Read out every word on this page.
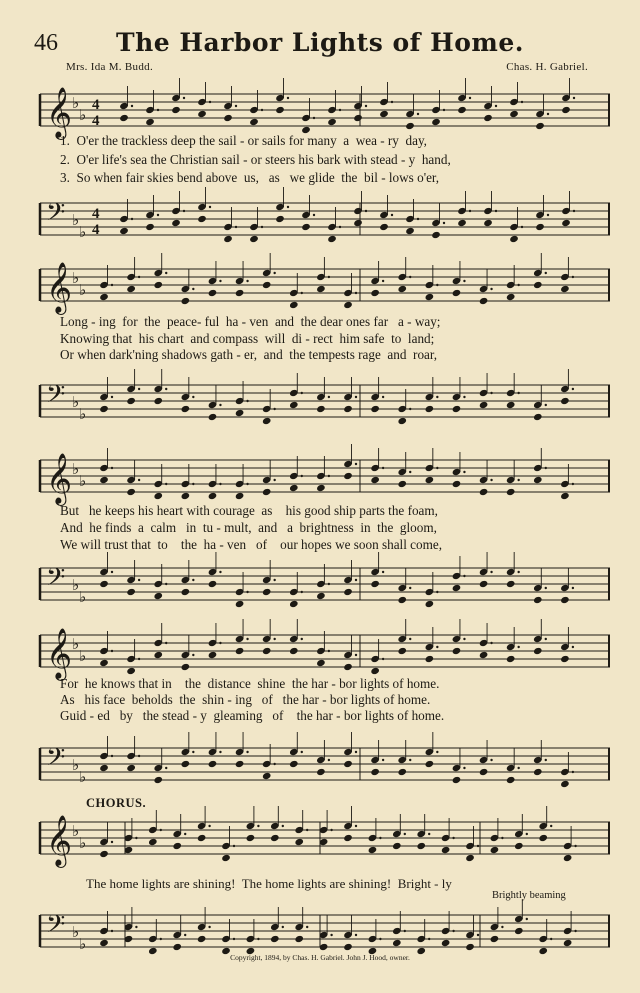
46	The Harbor Lights of Home.
Mrs. Ida M. Budd.	Chas. H. Gabriel.
𝄞 ♭
♭
4
4
1.  O'er the trackless deep the sail - or sails for many  a  wea - ry  day,
2.  O'er life's sea the Christian sail - or steers his bark with stead - y  hand,
3.  So when fair skies bend above  us,   as   we glide  the  bil - lows o'er,
𝄢 ♭
♭
4
4
𝄞 ♭
♭
Long - ing  for  the  peace- ful  ha - ven  and  the dear ones far   a - way;
Knowing that  his chart  and compass  will  di - rect  him safe  to  land;
Or when dark'ning shadows gath - er,  and  the tempests rage  and  roar,
𝄢 ♭
♭
𝄞 ♭
♭
But   he keeps his heart with courage  as    his good ship parts the foam,
And  he finds  a  calm   in  tu - mult,  and   a  brightness  in  the  gloom,
We will trust that  to    the  ha - ven   of    our hopes we soon shall come,
𝄢 ♭
♭
𝄞 ♭
♭
For  he knows that in    the  distance  shine  the har - bor lights of home.
As   his face  beholds  the  shin - ing   of   the har - bor lights of home.
Guid - ed   by   the stead - y  gleaming   of    the har - bor lights of home.
𝄢 ♭
♭
CHORUS.
𝄞 ♭
♭
The home lights are shining!  The home lights are shining!  Bright - ly
Brightly beaming
𝄢 ♭
♭
Copyright, 1894, by Chas. H. Gabriel. John J. Hood, owner.
